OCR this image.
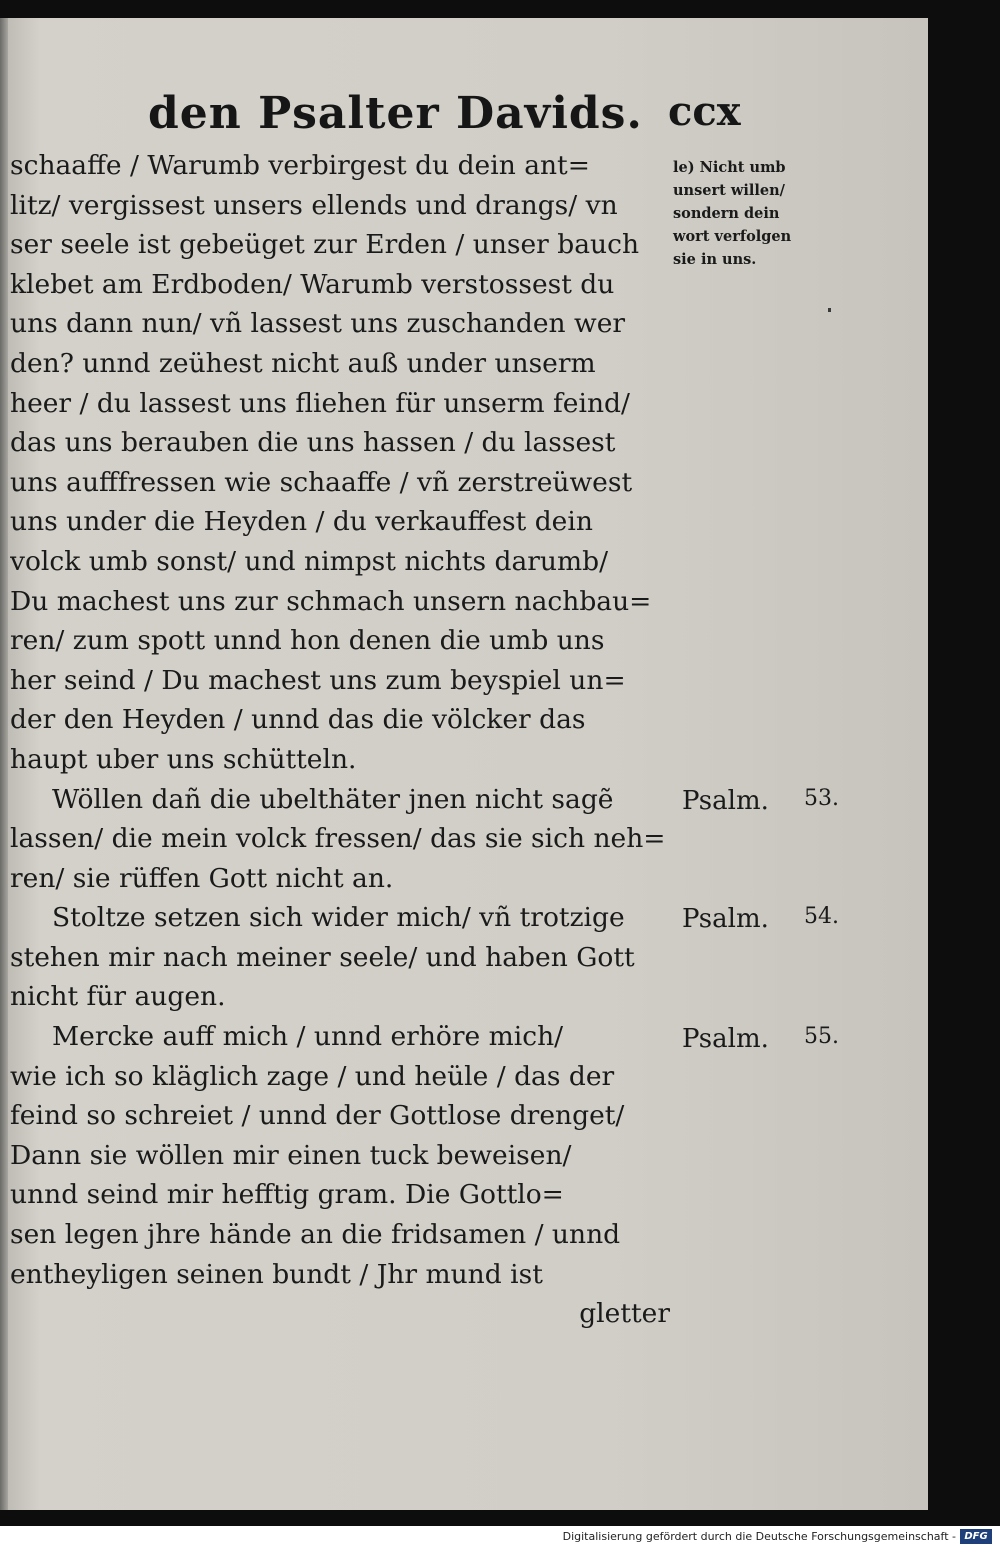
den Psalter Davids. ccx
schaaffe / Warumb verbirgest du dein ant=
litz/ vergissest unsers ellends und drangs/ vn
ser seele ist gebeüget zur Erden / unser bauch
klebet am Erdboden/ Warumb verstossest du
uns dann nun/ vñ lassest uns zuschanden wer
den? unnd zeühest nicht auß under unserm
heer / du lassest uns fliehen für unserm feind/
das uns berauben die uns hassen / du lassest
uns aufffressen wie schaaffe / vñ zerstreüwest
uns under die Heyden / du verkauffest dein
volck umb sonst/ und nimpst nichts darumb/
Du machest uns zur schmach unsern nachbau=
ren/ zum spott unnd hon denen die umb uns
her seind / Du machest uns zum beyspiel un=
der den Heyden / unnd das die völcker das
haupt uber uns schütteln.
Wöllen dañ die ubelthäter jnen nicht sagẽ
lassen/ die mein volck fressen/ das sie sich neh=
ren/ sie rüffen Gott nicht an.
Stoltze setzen sich wider mich/ vñ trotzige
stehen mir nach meiner seele/ und haben Gott
nicht für augen.
Mercke auff mich / unnd erhöre mich/
wie ich so kläglich zage / und heüle / das der
feind so schreiet / unnd der Gottlose drenget/
Dann sie wöllen mir einen tuck beweisen/
unnd seind mir hefftig gram. Die Gottlo=
sen legen jhre hände an die fridsamen / unnd
entheyligen seinen bundt / Jhr mund ist
gletter
le) Nicht umb
unsert willen/
sondern dein
wort verfolgen
sie in uns.
Psalm. 53.
Psalm. 54.
Psalm. 55.
Digitalisierung gefördert durch die Deutsche Forschungsgemeinschaft - DFG
